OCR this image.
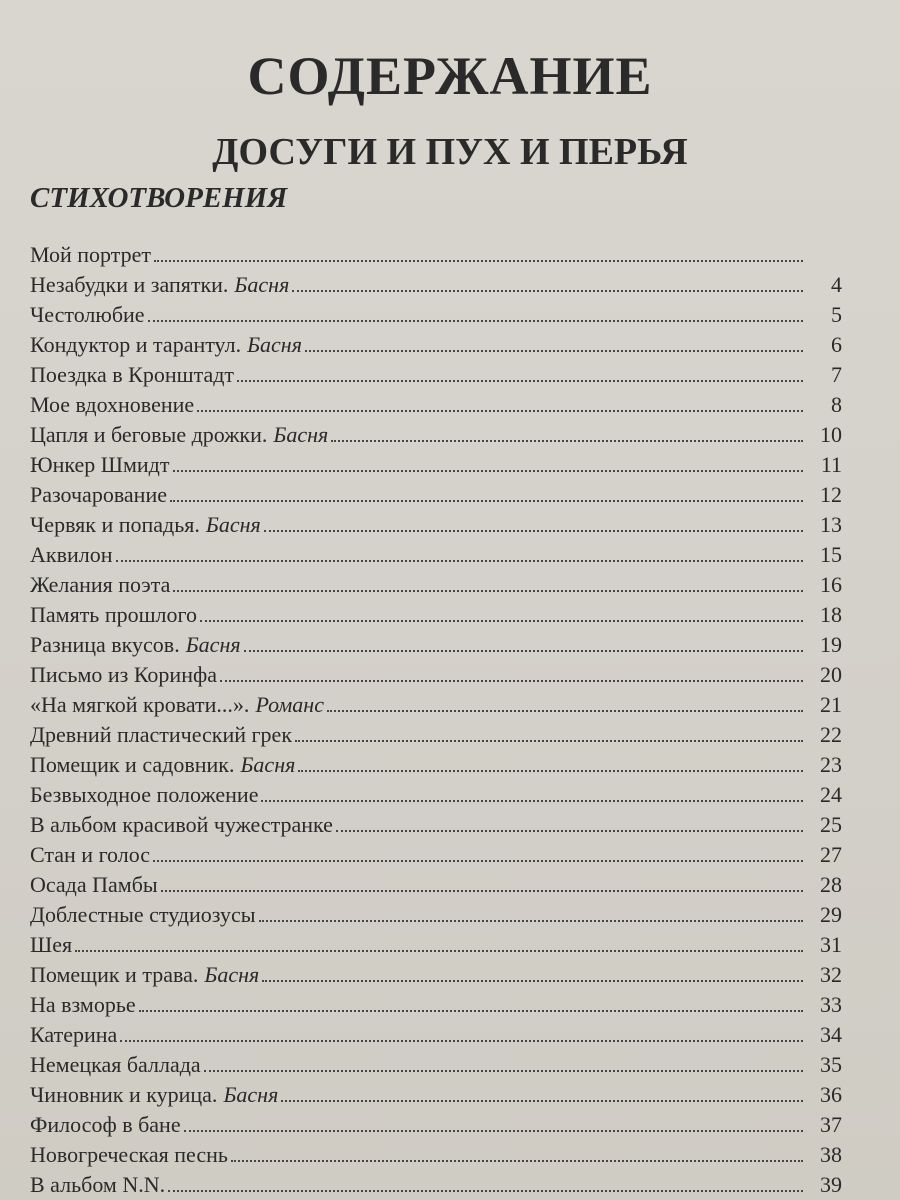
СОДЕРЖАНИЕ
ДОСУГИ И ПУХ И ПЕРЬЯ
СТИХОТВОРЕНИЯ
Мой портрет
Незабудки и запятки. Басня	4
Честолюбие	5
Кондуктор и тарантул. Басня	6
Поездка в Кронштадт	7
Мое вдохновение	8
Цапля и беговые дрожки. Басня	10
Юнкер Шмидт	11
Разочарование	12
Червяк и попадья. Басня	13
Аквилон	15
Желания поэта	16
Память прошлого	18
Разница вкусов. Басня	19
Письмо из Коринфа	20
«На мягкой кровати...». Романс	21
Древний пластический грек	22
Помещик и садовник. Басня	23
Безвыходное положение	24
В альбом красивой чужестранке	25
Стан и голос	27
Осада Памбы	28
Доблестные студиозусы	29
Шея	31
Помещик и трава. Басня	32
На взморье	33
Катерина	34
Немецкая баллада	35
Чиновник и курица. Басня	36
Философ в бане	37
Новогреческая песнь	38
В альбом N.N.	39
